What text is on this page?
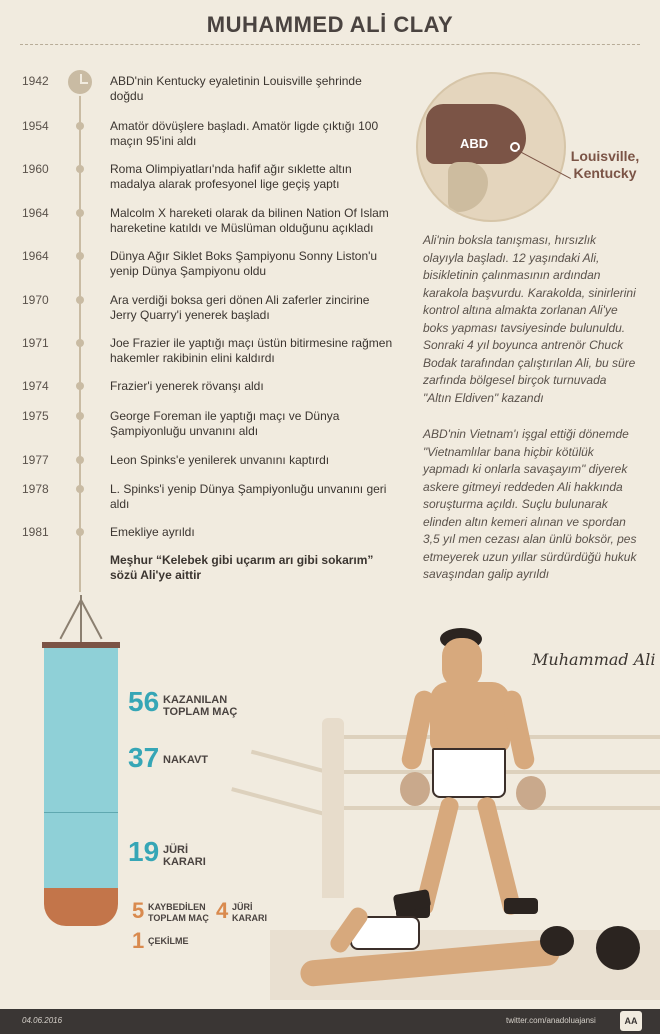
MUHAMMED ALİ CLAY
1942	ABD'nin Kentucky eyaletinin Louisville şehrinde doğdu
1954	Amatör dövüşlere başladı. Amatör ligde çıktığı 100 maçın 95'ini aldı
1960	Roma Olimpiyatları'nda hafif ağır sıklette altın madalya alarak profesyonel lige geçiş yaptı
1964	Malcolm X hareketi olarak da bilinen Nation Of Islam hareketine katıldı ve Müslüman olduğunu açıkladı
1964	Dünya Ağır Siklet Boks Şampiyonu Sonny Liston'u yenip Dünya Şampiyonu oldu
1970	Ara verdiği boksa geri dönen Ali zaferler zincirine Jerry Quarry'i yenerek başladı
1971	Joe Frazier ile yaptığı maçı üstün bitirmesine rağmen hakemler rakibinin elini kaldırdı
1974	Frazier'i yenerek rövanşı aldı
1975	George Foreman ile yaptığı maçı ve Dünya Şampiyonluğu unvanını aldı
1977	Leon Spinks'e yenilerek unvanını kaptırdı
1978	L. Spinks'i yenip Dünya Şampiyonluğu unvanını geri aldı
1981	Emekliye ayrıldı
Meşhur “Kelebek gibi uçarım arı gibi sokarım” sözü Ali'ye aittir
ABD
Louisville,
Kentucky
Ali'nin boksla tanışması, hırsızlık olayıyla başladı. 12 yaşındaki Ali, bisikletinin çalınmasının ardından karakola başvurdu. Karakolda, sinirlerini kontrol altına almakta zorlanan Ali'ye boks yapması tavsiyesinde bulunuldu. Sonraki 4 yıl boyunca antrenör Chuck Bodak tarafından çalıştırılan Ali, bu süre zarfında bölgesel birçok turnuvada "Altın Eldiven" kazandı
ABD'nin Vietnam'ı işgal ettiği dönemde "Vietnamlılar bana hiçbir kötülük yapmadı ki onlarla savaşayım" diyerek askere gitmeyi reddeden Ali hakkında soruşturma açıldı. Suçlu bulunarak elinden altın kemeri alınan ve spordan 3,5 yıl men cezası alan ünlü boksör, pes etmeyerek uzun yıllar sürdürdüğü hukuk savaşından galip ayrıldı
56 KAZANILAN
TOPLAM MAÇ
37 NAKAVT
19 JÜRİ
KARARI
5 KAYBEDİLEN
TOPLAM MAÇ 4 JÜRİ
KARARI
1 ÇEKİLME
Muhammad Ali
04.06.2016	twitter.com/anadoluajansi	AA
